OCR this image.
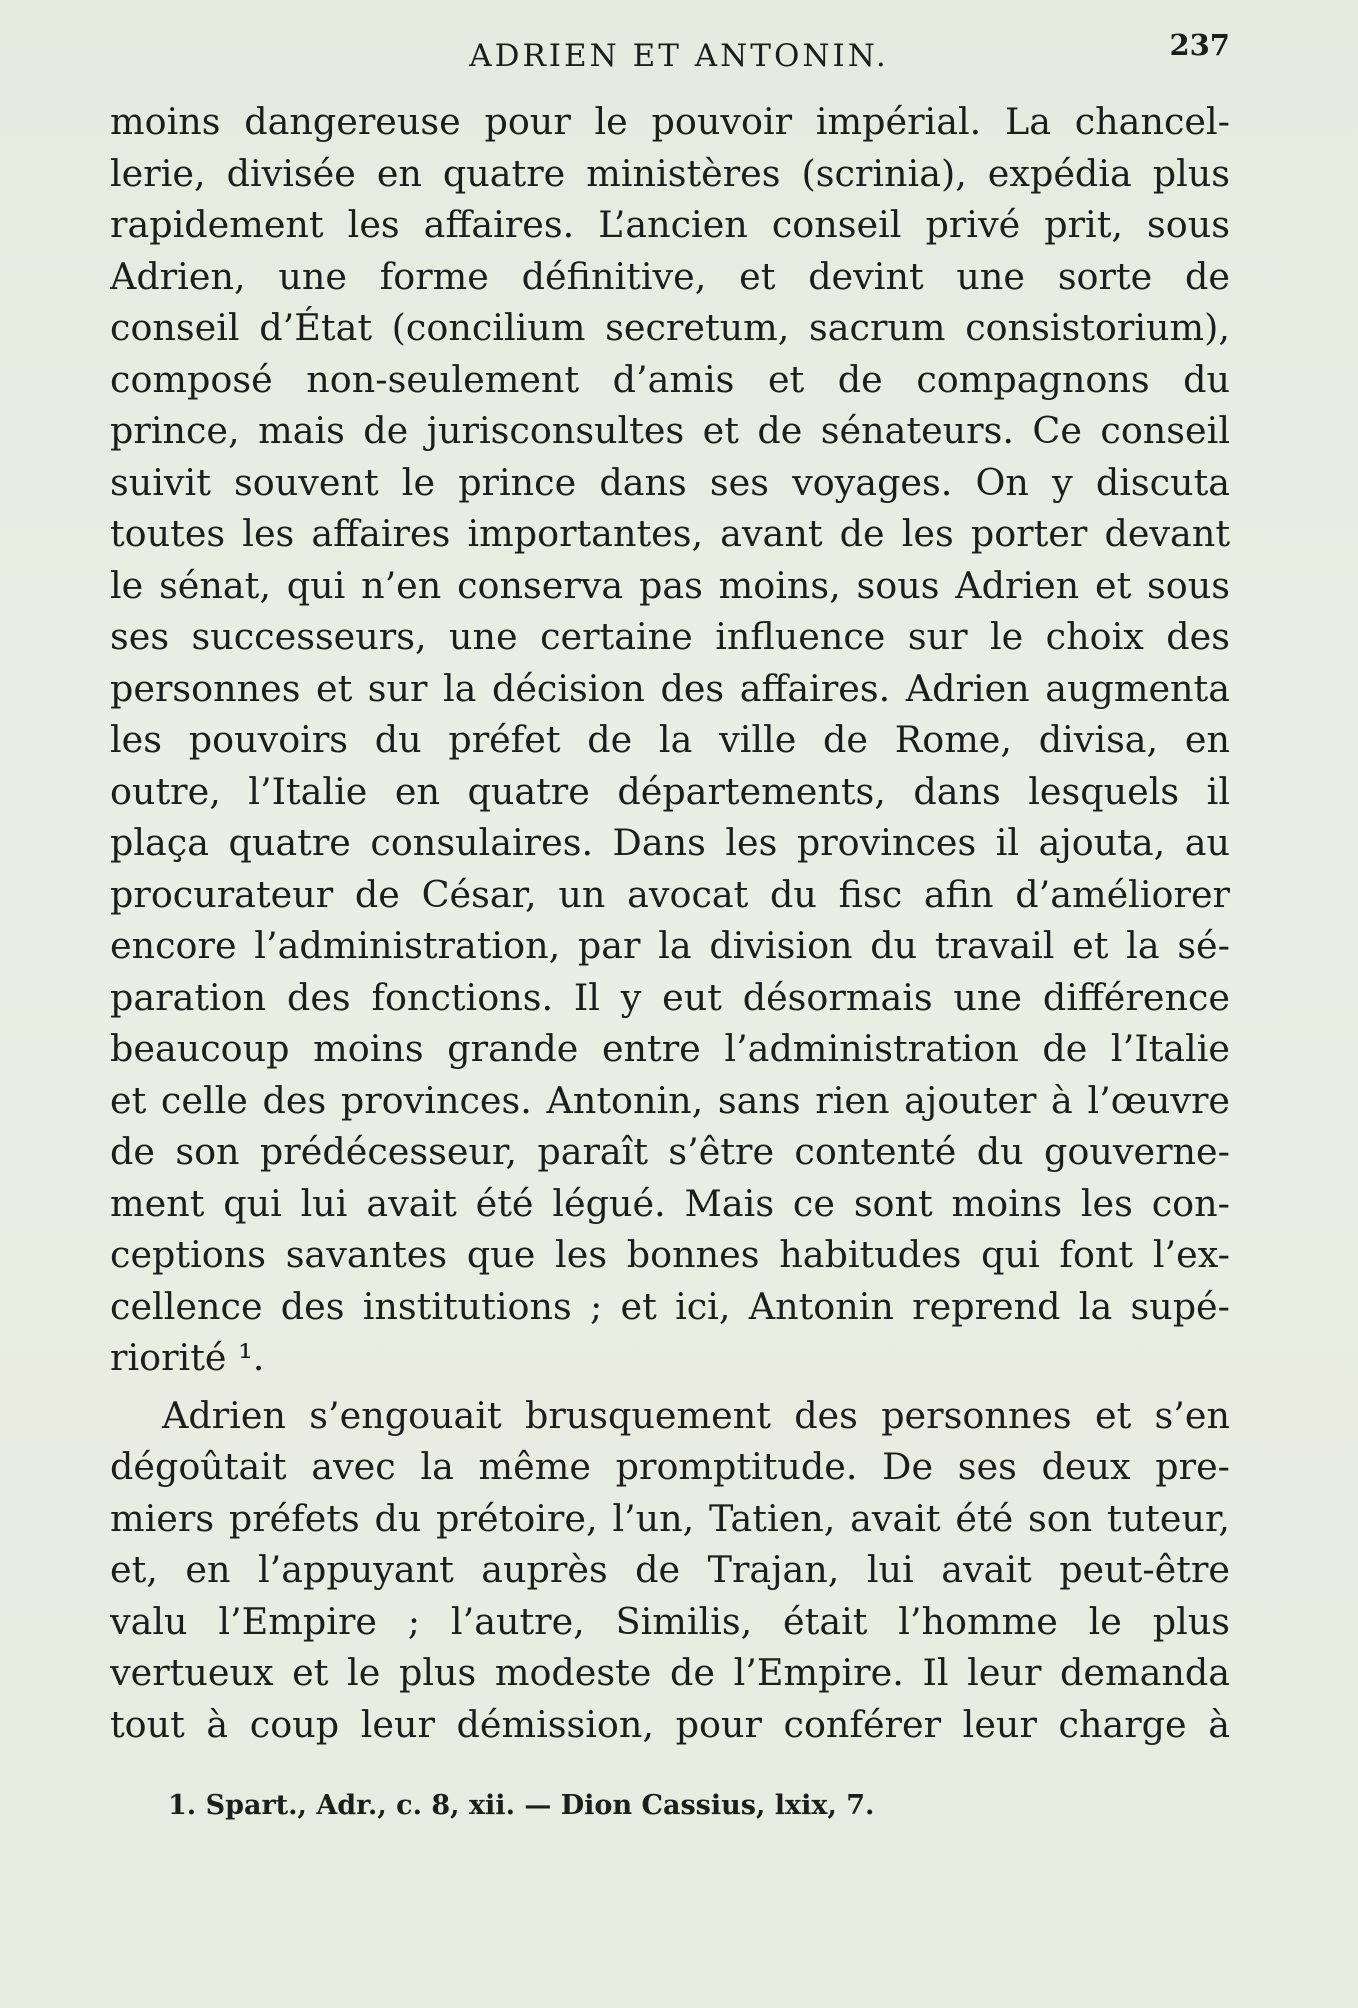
ADRIEN ET ANTONIN.	237
moins dangereuse pour le pouvoir impérial. La chancel-
lerie, divisée en quatre ministères (scrinia), expédia plus
rapidement les affaires. L’ancien conseil privé prit, sous
Adrien, une forme définitive, et devint une sorte de
conseil d’État (concilium secretum, sacrum consistorium),
composé non-seulement d’amis et de compagnons du
prince, mais de jurisconsultes et de sénateurs. Ce conseil
suivit souvent le prince dans ses voyages. On y discuta
toutes les affaires importantes, avant de les porter devant
le sénat, qui n’en conserva pas moins, sous Adrien et sous
ses successeurs, une certaine influence sur le choix des
personnes et sur la décision des affaires. Adrien augmenta
les pouvoirs du préfet de la ville de Rome, divisa, en
outre, l’Italie en quatre départements, dans lesquels il
plaça quatre consulaires. Dans les provinces il ajouta, au
procurateur de César, un avocat du fisc afin d’améliorer
encore l’administration, par la division du travail et la sé-
paration des fonctions. Il y eut désormais une différence
beaucoup moins grande entre l’administration de l’Italie
et celle des provinces. Antonin, sans rien ajouter à l’œuvre
de son prédécesseur, paraît s’être contenté du gouverne-
ment qui lui avait été légué. Mais ce sont moins les con-
ceptions savantes que les bonnes habitudes qui font l’ex-
cellence des institutions ; et ici, Antonin reprend la supé-
riorité ¹.
Adrien s’engouait brusquement des personnes et s’en
dégoûtait avec la même promptitude. De ses deux pre-
miers préfets du prétoire, l’un, Tatien, avait été son tuteur,
et, en l’appuyant auprès de Trajan, lui avait peut-être
valu l’Empire ; l’autre, Similis, était l’homme le plus
vertueux et le plus modeste de l’Empire. Il leur demanda
tout à coup leur démission, pour conférer leur charge à
1. Spart., Adr., c. 8, xii. — Dion Cassius, lxix, 7.
